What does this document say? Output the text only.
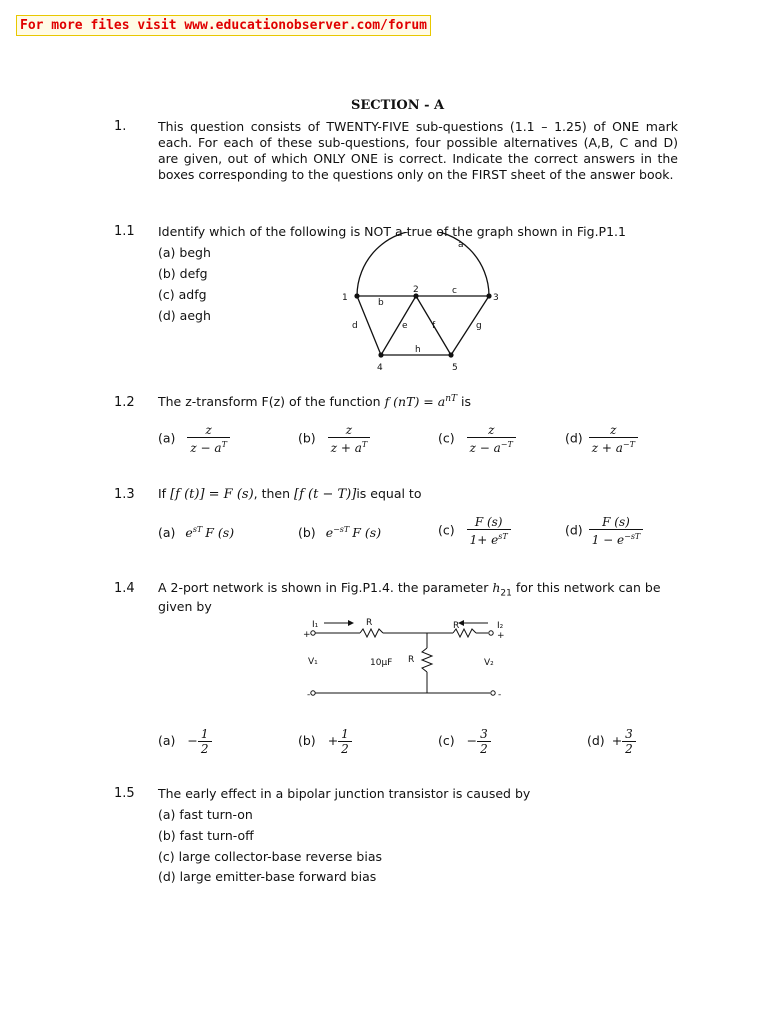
For more files visit www.educationobserver.com/forum
SECTION - A
1.	This question consists of TWENTY-FIVE sub-questions (1.1 – 1.25) of ONE mark each. For each of these sub-questions, four possible alternatives (A,B, C and D) are given, out of which ONLY ONE is correct. Indicate the correct answers in the boxes corresponding to the questions only on the FIRST sheet of the answer book.
1.1 Identify which of the following is NOT a true of the graph shown in Fig.P1.1
(a) begh
(b) defg
(c) adfg
(d) aegh
1
2
3
4	5
a
b
c
d	e	f	g
h
1.2 The z-transform F(z) of the function f $(nT) = a^{nT}$ is
$(a) \frac{z}{z - a^T}$	$(b) \frac{z}{z + a^T}$	$(c) \frac{z}{z - a^{-T}}$	$(d) \frac{z}{z + a^{-T}}$
1.3 If [f (t)] = F (s), then [f (t − T)]is equal to
(a) $e^{sT}$ F (s)	(b) $e^{-sT}$ F (s)	$(c) \frac{F (s)}{1+ e^{sT}}$	$(d) \frac{F (s)}{1 - e^{-sT}}$
1.4 A 2-port network is shown in Fig.P1.4. the parameter $h_{21}$ for this network can be
given by
I₁	R	R	I₂
+	+
-	-
V₁	V₂
10μF R
$(a) - \frac{1}{2}$	$(b) + \frac{1}{2}$	$(c) - \frac{3}{2}$	$(d) + \frac{3}{2}$
1.5 The early effect in a bipolar junction transistor is caused by
(a) fast turn-on
(b) fast turn-off
(c) large collector-base reverse bias
(d) large emitter-base forward bias
